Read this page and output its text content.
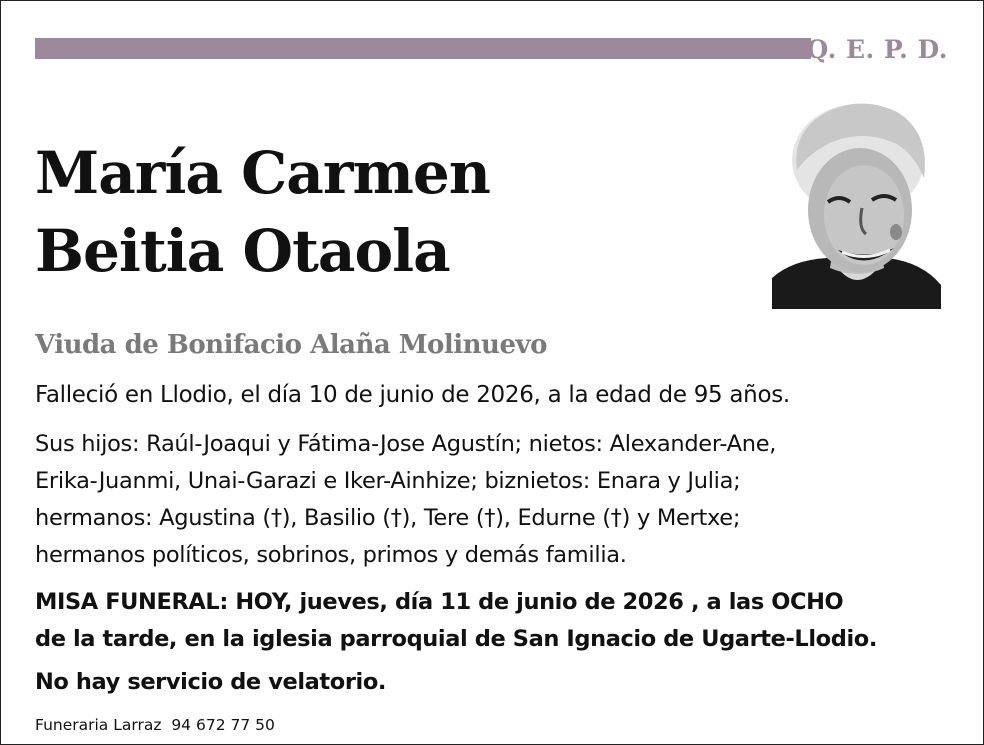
Q. E. P. D.
María Carmen
Beitia Otaola
Viuda de Bonifacio Alaña Molinuevo

Falleció en Llodio, el día 10 de junio de 2026, a la edad de 95 años.

Sus hijos: Raúl-Joaqui y Fátima-Jose Agustín; nietos: Alexander-Ane,
Erika-Juanmi, Unai-Garazi e Iker-Ainhize; biznietos: Enara y Julia;
hermanos: Agustina (†), Basilio (†), Tere (†), Edurne (†) y Mertxe;
hermanos políticos, sobrinos, primos y demás familia.

MISA FUNERAL: HOY, jueves, día 11 de junio de 2026 , a las OCHO
de la tarde, en la iglesia parroquial de San Ignacio de Ugarte-Llodio.

No hay servicio de velatorio.
Funeraria Larraz  94 672 77 50
